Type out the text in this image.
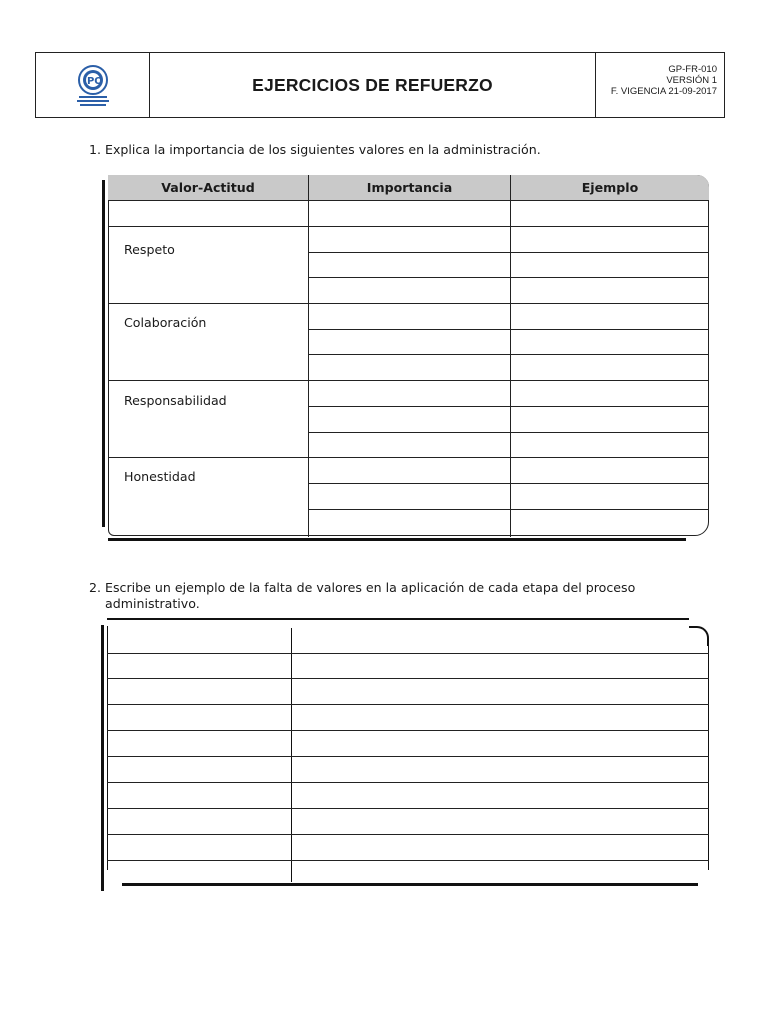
IPO	EJERCICIOS DE REFUERZO
GP-FR-010
VERSIÓN 1
F. VIGENCIA 21-09-2017
1. Explica la importancia de los siguientes valores en la administración.
Valor-Actitud	Importancia	Ejemplo
Respeto
Colaboración
Responsabilidad
Honestidad
2. Escribe un ejemplo de la falta de valores en la aplicación de cada etapa del proceso
administrativo.
